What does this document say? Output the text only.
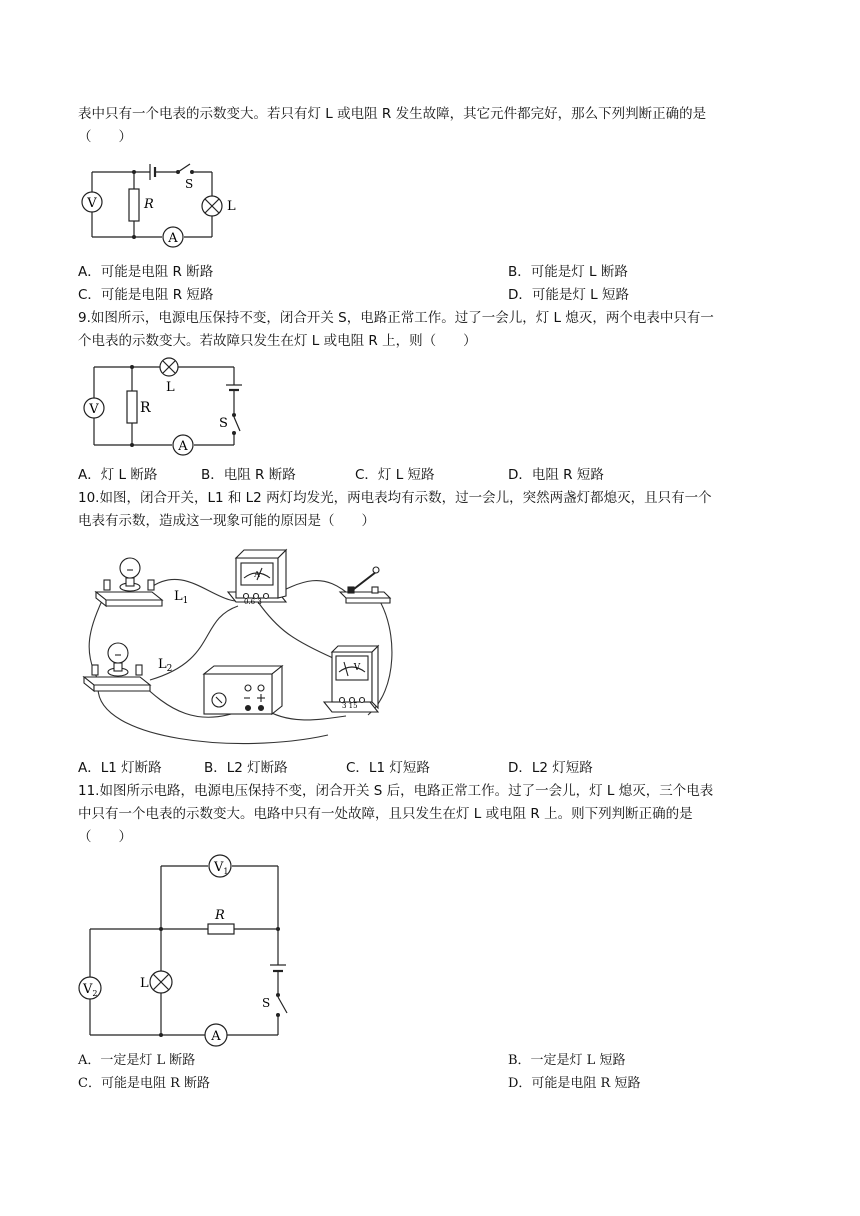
表中只有一个电表的示数变大。若只有灯 L 或电阻 R 发生故障，其它元件都完好，那么下列判断正确的是
（　　）
V	R
S
L
A
A．可能是电阻 R 断路	B．可能是灯 L 断路
C．可能是电阻 R 短路	D．可能是灯 L 短路
9.如图所示，电源电压保持不变，闭合开关 S，电路正常工作。过了一会儿，灯 L 熄灭，两个电表中只有一
个电表的示数变大。若故障只发生在灯 L 或电阻 R 上，则（　　）
V	R
S
L
A
A．灯 L 断路	B．电阻 R 断路	C．灯 L 短路	D．电阻 R 短路
10.如图，闭合开关，L1 和 L2 两灯均发光，两电表均有示数，过一会儿，突然两盏灯都熄灭，且只有一个
电表有示数，造成这一现象可能的原因是（　　）
A
0.6 3
V
3 15
$L_1$
$L_2$
A．L1 灯断路	B．L2 灯断路	C．L1 灯短路	D．L2 灯短路
11.如图所示电路，电源电压保持不变，闭合开关 S 后，电路正常工作。过了一会儿，灯 L 熄灭，三个电表
中只有一个电表的示数变大。电路中只有一处故障，且只发生在灯 L 或电阻 R 上。则下列判断正确的是
（　　）
$V_1$
$V_2$
R
L
S
A
A．一定是灯 L 断路	B．一定是灯 L 短路
C．可能是电阻 R 断路	D．可能是电阻 R 短路
